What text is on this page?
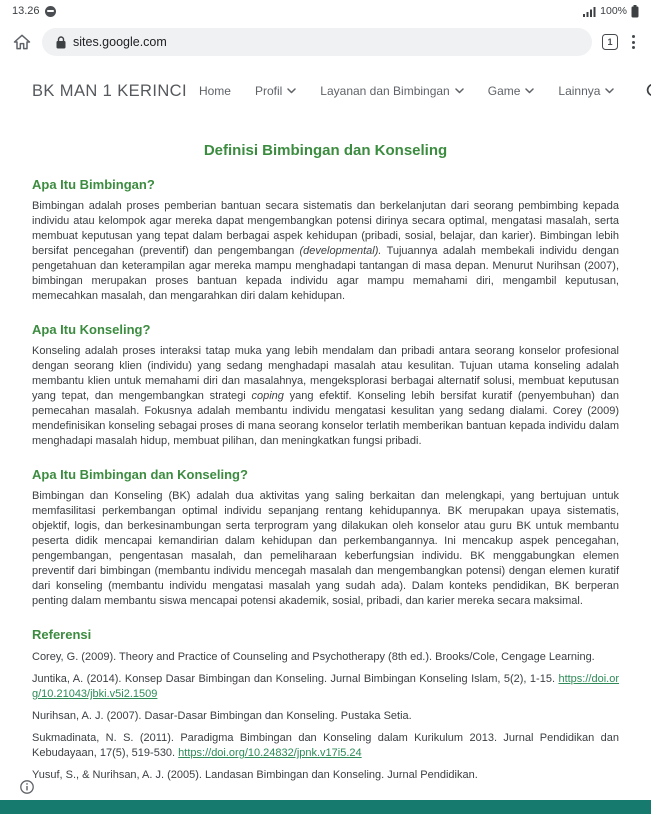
13.26	100%
sites.google.com	1
BK MAN 1 KERINCI Home Profil	Layanan dan Bimbingan	Game	Lainnya
Definisi Bimbingan dan Konseling
Apa Itu Bimbingan?

Bimbingan adalah proses pemberian bantuan secara sistematis dan berkelanjutan dari seorang pembimbing kepada individu atau kelompok agar mereka dapat mengembangkan potensi dirinya secara optimal, mengatasi masalah, serta membuat keputusan yang tepat dalam berbagai aspek kehidupan (pribadi, sosial, belajar, dan karier). Bimbingan lebih bersifat pencegahan (preventif) dan pengembangan (developmental). Tujuannya adalah membekali individu dengan pengetahuan dan keterampilan agar mereka mampu menghadapi tantangan di masa depan. Menurut Nurihsan (2007), bimbingan merupakan proses bantuan kepada individu agar mampu memahami diri, mengambil keputusan, memecahkan masalah, dan mengarahkan diri dalam kehidupan.

Apa Itu Konseling?

Konseling adalah proses interaksi tatap muka yang lebih mendalam dan pribadi antara seorang konselor profesional dengan seorang klien (individu) yang sedang menghadapi masalah atau kesulitan. Tujuan utama konseling adalah membantu klien untuk memahami diri dan masalahnya, mengeksplorasi berbagai alternatif solusi, membuat keputusan yang tepat, dan mengembangkan strategi coping yang efektif. Konseling lebih bersifat kuratif (penyembuhan) dan pemecahan masalah. Fokusnya adalah membantu individu mengatasi kesulitan yang sedang dialami. Corey (2009) mendefinisikan konseling sebagai proses di mana seorang konselor terlatih memberikan bantuan kepada individu dalam menghadapi masalah hidup, membuat pilihan, dan meningkatkan fungsi pribadi.

Apa Itu Bimbingan dan Konseling?

Bimbingan dan Konseling (BK) adalah dua aktivitas yang saling berkaitan dan melengkapi, yang bertujuan untuk memfasilitasi perkembangan optimal individu sepanjang rentang kehidupannya. BK merupakan upaya sistematis, objektif, logis, dan berkesinambungan serta terprogram yang dilakukan oleh konselor atau guru BK untuk membantu peserta didik mencapai kemandirian dalam kehidupan dan perkembangannya. Ini mencakup aspek pencegahan, pengembangan, pengentasan masalah, dan pemeliharaan keberfungsian individu. BK menggabungkan elemen preventif dari bimbingan (membantu individu mencegah masalah dan mengembangkan potensi) dengan elemen kuratif dari konseling (membantu individu mengatasi masalah yang sudah ada). Dalam konteks pendidikan, BK berperan penting dalam membantu siswa mencapai potensi akademik, sosial, pribadi, dan karier mereka secara maksimal.

Referensi

Corey, G. (2009). Theory and Practice of Counseling and Psychotherapy (8th ed.). Brooks/Cole, Cengage Learning.

Juntika, A. (2014). Konsep Dasar Bimbingan dan Konseling. Jurnal Bimbingan Konseling Islam, 5(2), 1-15. https://doi.org/10.21043/jbki.v5i2.1509

Nurihsan, A. J. (2007). Dasar-Dasar Bimbingan dan Konseling. Pustaka Setia.

Sukmadinata, N. S. (2011). Paradigma Bimbingan dan Konseling dalam Kurikulum 2013. Jurnal Pendidikan dan Kebudayaan, 17(5), 519-530. https://doi.org/10.24832/jpnk.v17i5.24

Yusuf, S., & Nurihsan, A. J. (2005). Landasan Bimbingan dan Konseling. Jurnal Pendidikan.
